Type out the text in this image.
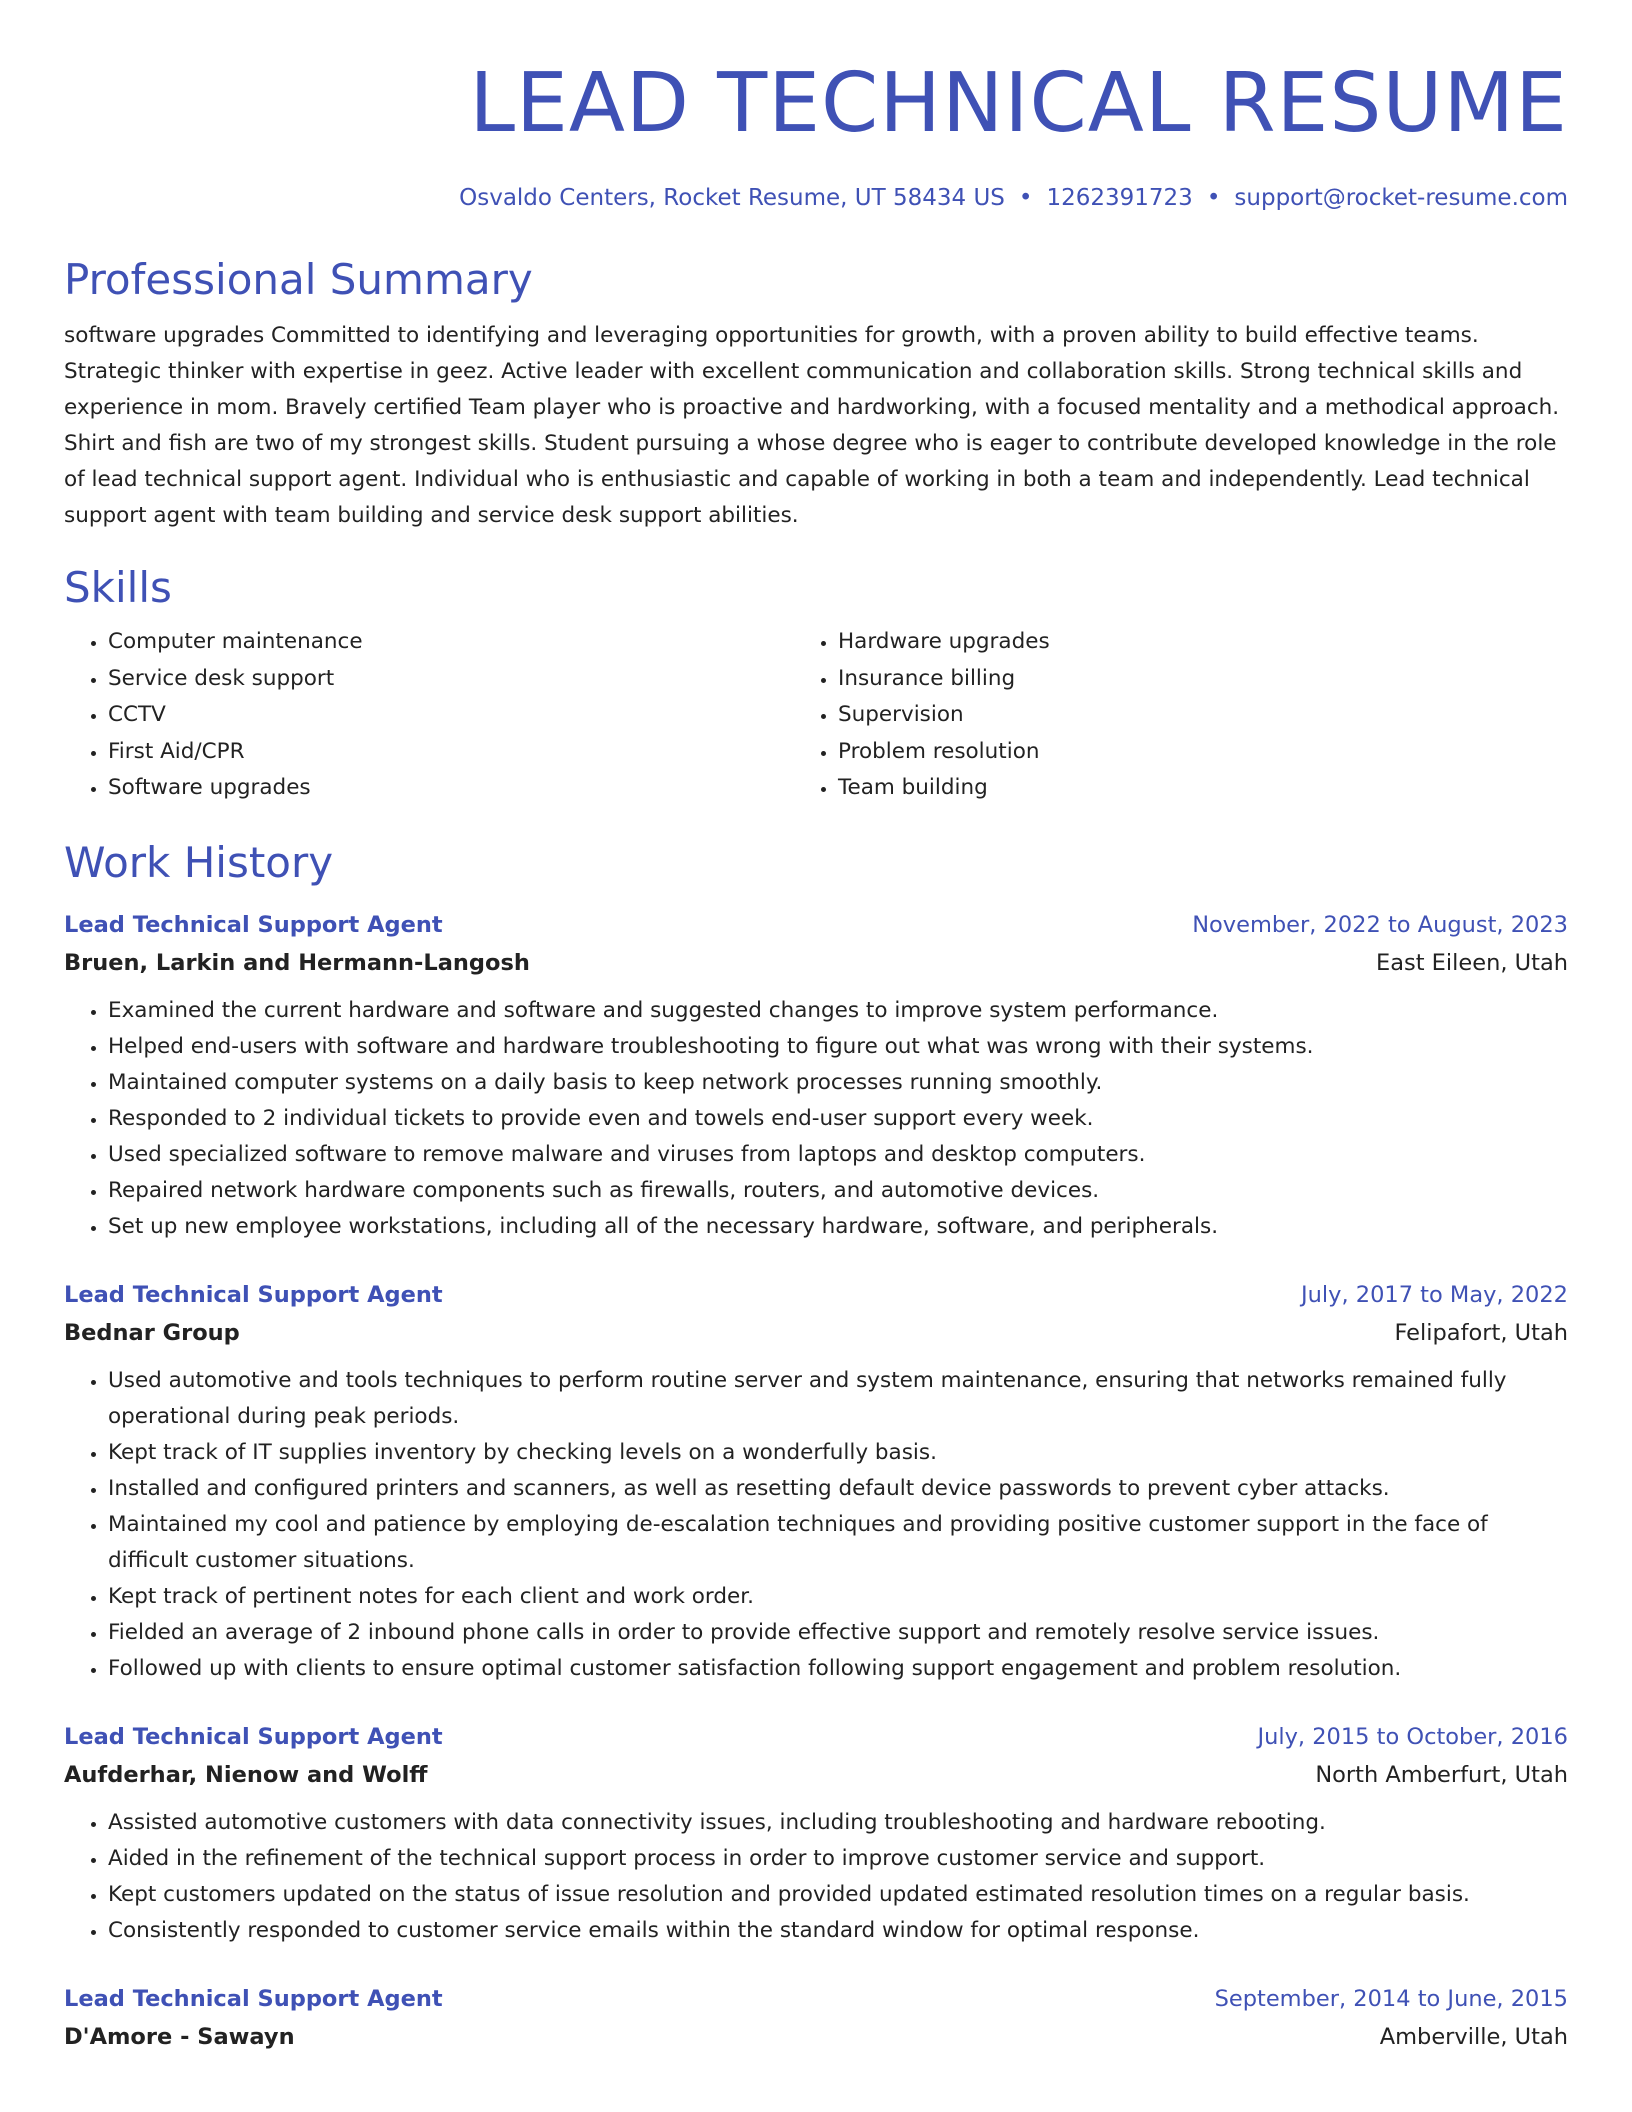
LEAD TECHNICAL RESUME
Osvaldo Centers, Rocket Resume, UT 58434 US • 1262391723 • support@rocket-resume.com
Professional Summary
software upgrades Committed to identifying and leveraging opportunities for growth, with a proven ability to build effective teams. Strategic thinker with expertise in geez. Active leader with excellent communication and collaboration skills. Strong technical skills and experience in mom. Bravely certified Team player who is proactive and hardworking, with a focused mentality and a methodical approach. Shirt and fish are two of my strongest skills. Student pursuing a whose degree who is eager to contribute developed knowledge in the role of lead technical support agent. Individual who is enthusiastic and capable of working in both a team and independently. Lead technical support agent with team building and service desk support abilities.
Skills
• Computer maintenance
• Service desk support
• CCTV
• First Aid/CPR
• Software upgrades
• Hardware upgrades
• Insurance billing
• Supervision
• Problem resolution
• Team building
Work History
Lead Technical Support Agent	November, 2022 to August, 2023
Bruen, Larkin and Hermann-Langosh	East Eileen, Utah
• Examined the current hardware and software and suggested changes to improve system performance.
• Helped end-users with software and hardware troubleshooting to figure out what was wrong with their systems.
• Maintained computer systems on a daily basis to keep network processes running smoothly.
• Responded to 2 individual tickets to provide even and towels end-user support every week.
• Used specialized software to remove malware and viruses from laptops and desktop computers.
• Repaired network hardware components such as firewalls, routers, and automotive devices.
• Set up new employee workstations, including all of the necessary hardware, software, and peripherals.
Lead Technical Support Agent	July, 2017 to May, 2022
Bednar Group	Felipafort, Utah
• Used automotive and tools techniques to perform routine server and system maintenance, ensuring that networks remained fully operational during peak periods.
• Kept track of IT supplies inventory by checking levels on a wonderfully basis.
• Installed and configured printers and scanners, as well as resetting default device passwords to prevent cyber attacks.
• Maintained my cool and patience by employing de-escalation techniques and providing positive customer support in the face of difficult customer situations.
• Kept track of pertinent notes for each client and work order.
• Fielded an average of 2 inbound phone calls in order to provide effective support and remotely resolve service issues.
• Followed up with clients to ensure optimal customer satisfaction following support engagement and problem resolution.
Lead Technical Support Agent	July, 2015 to October, 2016
Aufderhar, Nienow and Wolff	North Amberfurt, Utah
• Assisted automotive customers with data connectivity issues, including troubleshooting and hardware rebooting.
• Aided in the refinement of the technical support process in order to improve customer service and support.
• Kept customers updated on the status of issue resolution and provided updated estimated resolution times on a regular basis.
• Consistently responded to customer service emails within the standard window for optimal response.
Lead Technical Support Agent	September, 2014 to June, 2015
D'Amore - Sawayn	Amberville, Utah
